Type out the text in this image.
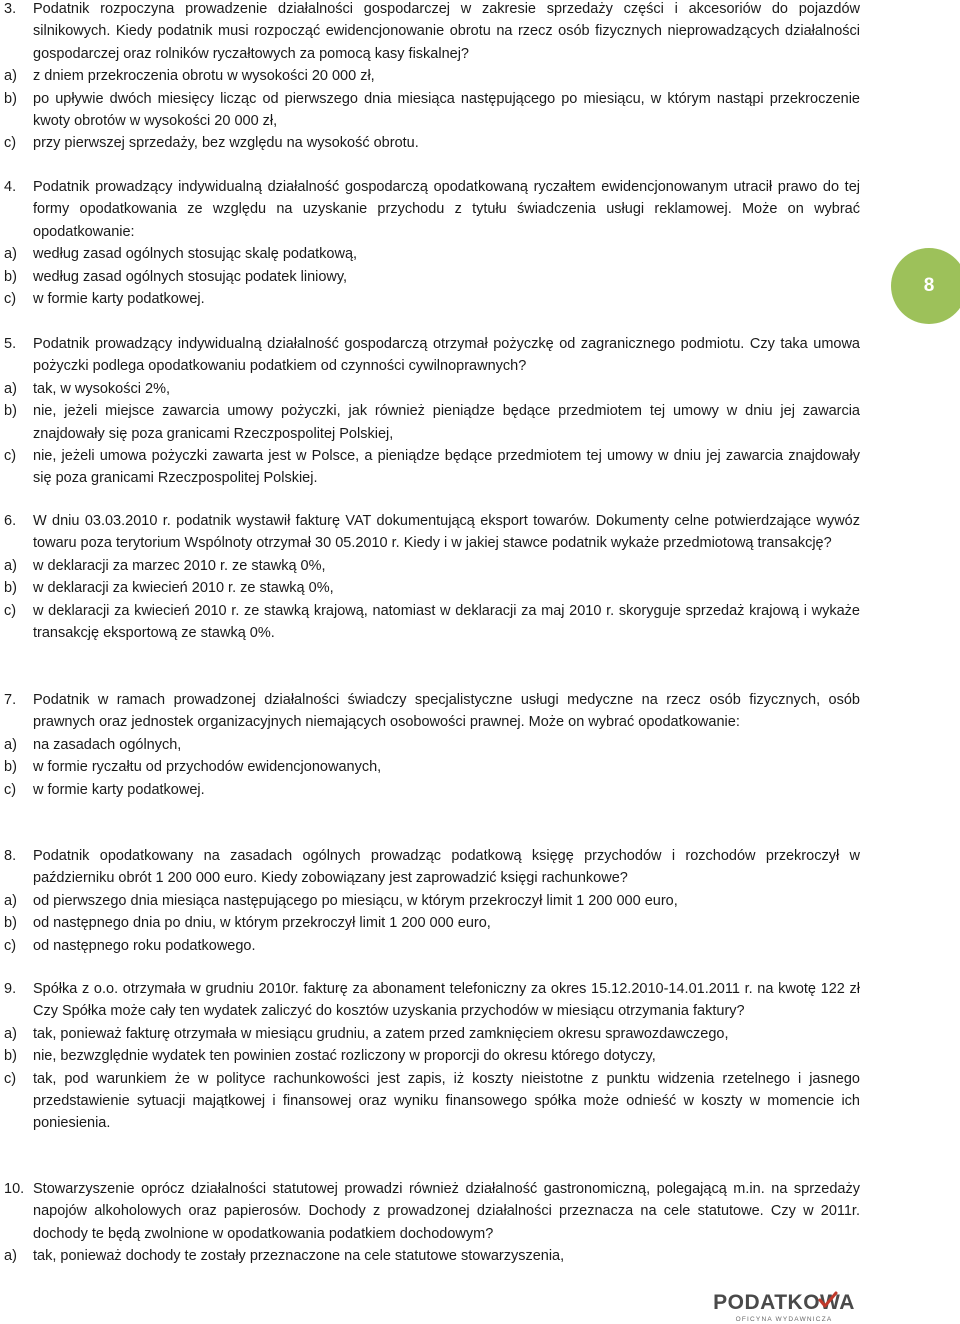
3.	Podatnik rozpoczyna prowadzenie działalności gospodarczej w zakresie sprzedaży części i akcesoriów do pojazdów silnikowych. Kiedy podatnik musi rozpocząć ewidencjonowanie obrotu na rzecz osób fizycznych nieprowadzących działalności gospodarczej oraz rolników ryczałtowych za pomocą kasy fiskalnej?
a)	z dniem przekroczenia obrotu w wysokości 20 000 zł,
b)	po upływie dwóch miesięcy licząc od pierwszego dnia miesiąca następującego po miesiącu, w którym nastąpi przekroczenie kwoty obrotów w wysokości 20 000 zł,
c)	przy pierwszej sprzedaży, bez względu na wysokość obrotu.
4.	Podatnik prowadzący indywidualną działalność gospodarczą opodatkowaną ryczałtem ewidencjonowanym utracił prawo do tej formy opodatkowania ze względu na uzyskanie przychodu z tytułu świadczenia usługi reklamowej. Może on wybrać opodatkowanie:
a)	według zasad ogólnych stosując skalę podatkową,
b)	według zasad ogólnych stosując podatek liniowy,
c)	w formie karty podatkowej.
5.	Podatnik prowadzący indywidualną działalność gospodarczą otrzymał pożyczkę od zagranicznego podmiotu. Czy taka umowa pożyczki podlega opodatkowaniu podatkiem od czynności cywilnoprawnych?
a)	tak, w wysokości 2%,
b)	nie, jeżeli miejsce zawarcia umowy pożyczki, jak również pieniądze będące przedmiotem tej umowy w dniu jej zawarcia znajdowały się poza granicami Rzeczpospolitej Polskiej,
c)	nie, jeżeli umowa pożyczki zawarta jest w Polsce, a pieniądze będące przedmiotem tej umowy w dniu jej zawarcia znajdowały się poza granicami Rzeczpospolitej Polskiej.
6.	W dniu 03.03.2010 r. podatnik wystawił fakturę VAT dokumentującą eksport towarów. Dokumenty celne potwierdzające wywóz towaru poza terytorium Wspólnoty otrzymał 30 05.2010 r. Kiedy i w jakiej stawce podatnik wykaże przedmiotową transakcję?
a)	w deklaracji za marzec 2010 r. ze stawką 0%,
b)	w deklaracji za kwiecień 2010 r. ze stawką 0%,
c)	w deklaracji za kwiecień 2010 r. ze stawką krajową, natomiast w deklaracji za maj 2010 r. skoryguje sprzedaż krajową i wykaże transakcję eksportową ze stawką 0%.
7.	Podatnik w ramach prowadzonej działalności świadczy specjalistyczne usługi medyczne na rzecz osób fizycznych, osób prawnych oraz jednostek organizacyjnych niemających osobowości prawnej. Może on wybrać opodatkowanie:
a)	na zasadach ogólnych,
b)	w formie ryczałtu od przychodów ewidencjonowanych,
c)	w formie karty podatkowej.
8.	Podatnik opodatkowany na zasadach ogólnych prowadząc podatkową księgę przychodów i rozchodów przekroczył w październiku obrót 1 200 000 euro. Kiedy zobowiązany jest zaprowadzić księgi rachunkowe?
a)	od pierwszego dnia miesiąca następującego po miesiącu, w którym przekroczył limit 1 200 000 euro,
b)	od następnego dnia po dniu, w którym przekroczył limit 1 200 000 euro,
c)	od następnego roku podatkowego.
9.	Spółka z o.o. otrzymała w grudniu 2010r. fakturę za abonament telefoniczny za okres 15.12.2010-14.01.2011 r. na kwotę 122 zł Czy Spółka może cały ten wydatek zaliczyć do kosztów uzyskania przychodów w miesiącu otrzymania faktury?
a)	tak, ponieważ fakturę otrzymała w miesiącu grudniu, a zatem przed zamknięciem okresu sprawozdawczego,
b)	nie, bezwzględnie wydatek ten powinien zostać rozliczony w proporcji do okresu którego dotyczy,
c)	tak, pod warunkiem że w polityce rachunkowości jest zapis, iż koszty nieistotne z punktu widzenia rzetelnego i jasnego przedstawienie sytuacji majątkowej i finansowej oraz wyniku finansowego spółka może odnieść w koszty w momencie ich poniesienia.
10. Stowarzyszenie oprócz działalności statutowej prowadzi również działalność gastronomiczną, polegającą m.in. na sprzedaży napojów alkoholowych oraz papierosów. Dochody z prowadzonej działalności przeznacza na cele statutowe. Czy w 2011r. dochody te będą zwolnione w opodatkowania podatkiem dochodowym?
a)	tak, ponieważ dochody te zostały przeznaczone na cele statutowe stowarzyszenia,
8
PODATKOWA
OFICYNA WYDAWNICZA
